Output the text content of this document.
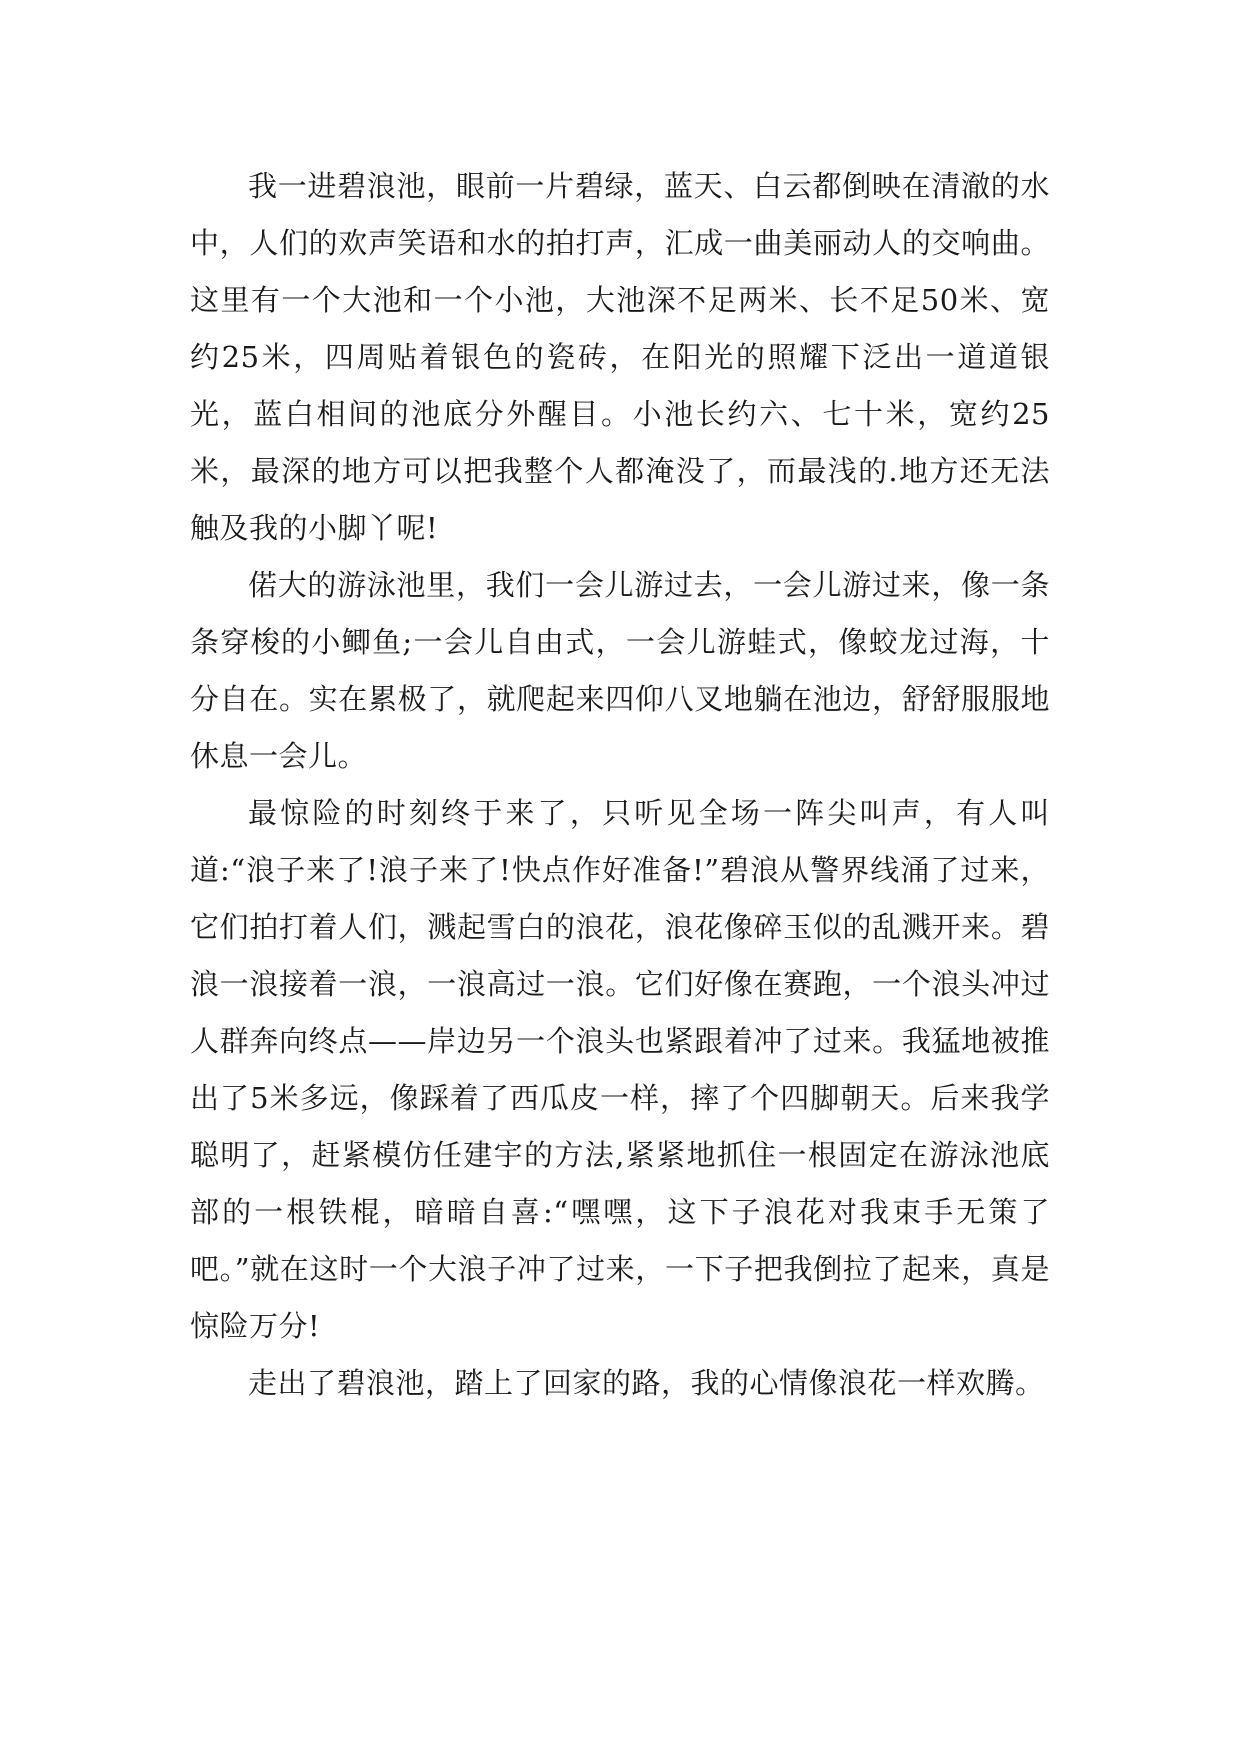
我一进碧浪池，眼前一片碧绿，蓝天、白云都倒映在清澈的水中，人们的欢声笑语和水的拍打声，汇成一曲美丽动人的交响曲。这里有一个大池和一个小池，大池深不足两米、长不足50米、宽约25米，四周贴着银色的瓷砖，在阳光的照耀下泛出一道道银光，蓝白相间的池底分外醒目。小池长约六、七十米，宽约25米，最深的地方可以把我整个人都淹没了，而最浅的.地方还无法触及我的小脚丫呢!

偌大的游泳池里，我们一会儿游过去，一会儿游过来，像一条条穿梭的小鲫鱼;一会儿自由式，一会儿游蛙式，像蛟龙过海，十分自在。实在累极了，就爬起来四仰八叉地躺在池边，舒舒服服地休息一会儿。

最惊险的时刻终于来了，只听见全场一阵尖叫声，有人叫道:“浪子来了!浪子来了!快点作好准备!”碧浪从警界线涌了过来，它们拍打着人们，溅起雪白的浪花，浪花像碎玉似的乱溅开来。碧浪一浪接着一浪，一浪高过一浪。它们好像在赛跑，一个浪头冲过人群奔向终点——岸边另一个浪头也紧跟着冲了过来。我猛地被推出了5米多远，像踩着了西瓜皮一样，摔了个四脚朝天。后来我学聪明了，赶紧模仿任建宇的方法,紧紧地抓住一根固定在游泳池底部的一根铁棍，暗暗自喜:“嘿嘿，这下子浪花对我束手无策了吧。”就在这时一个大浪子冲了过来，一下子把我倒拉了起来，真是惊险万分!

走出了碧浪池，踏上了回家的路，我的心情像浪花一样欢腾。
